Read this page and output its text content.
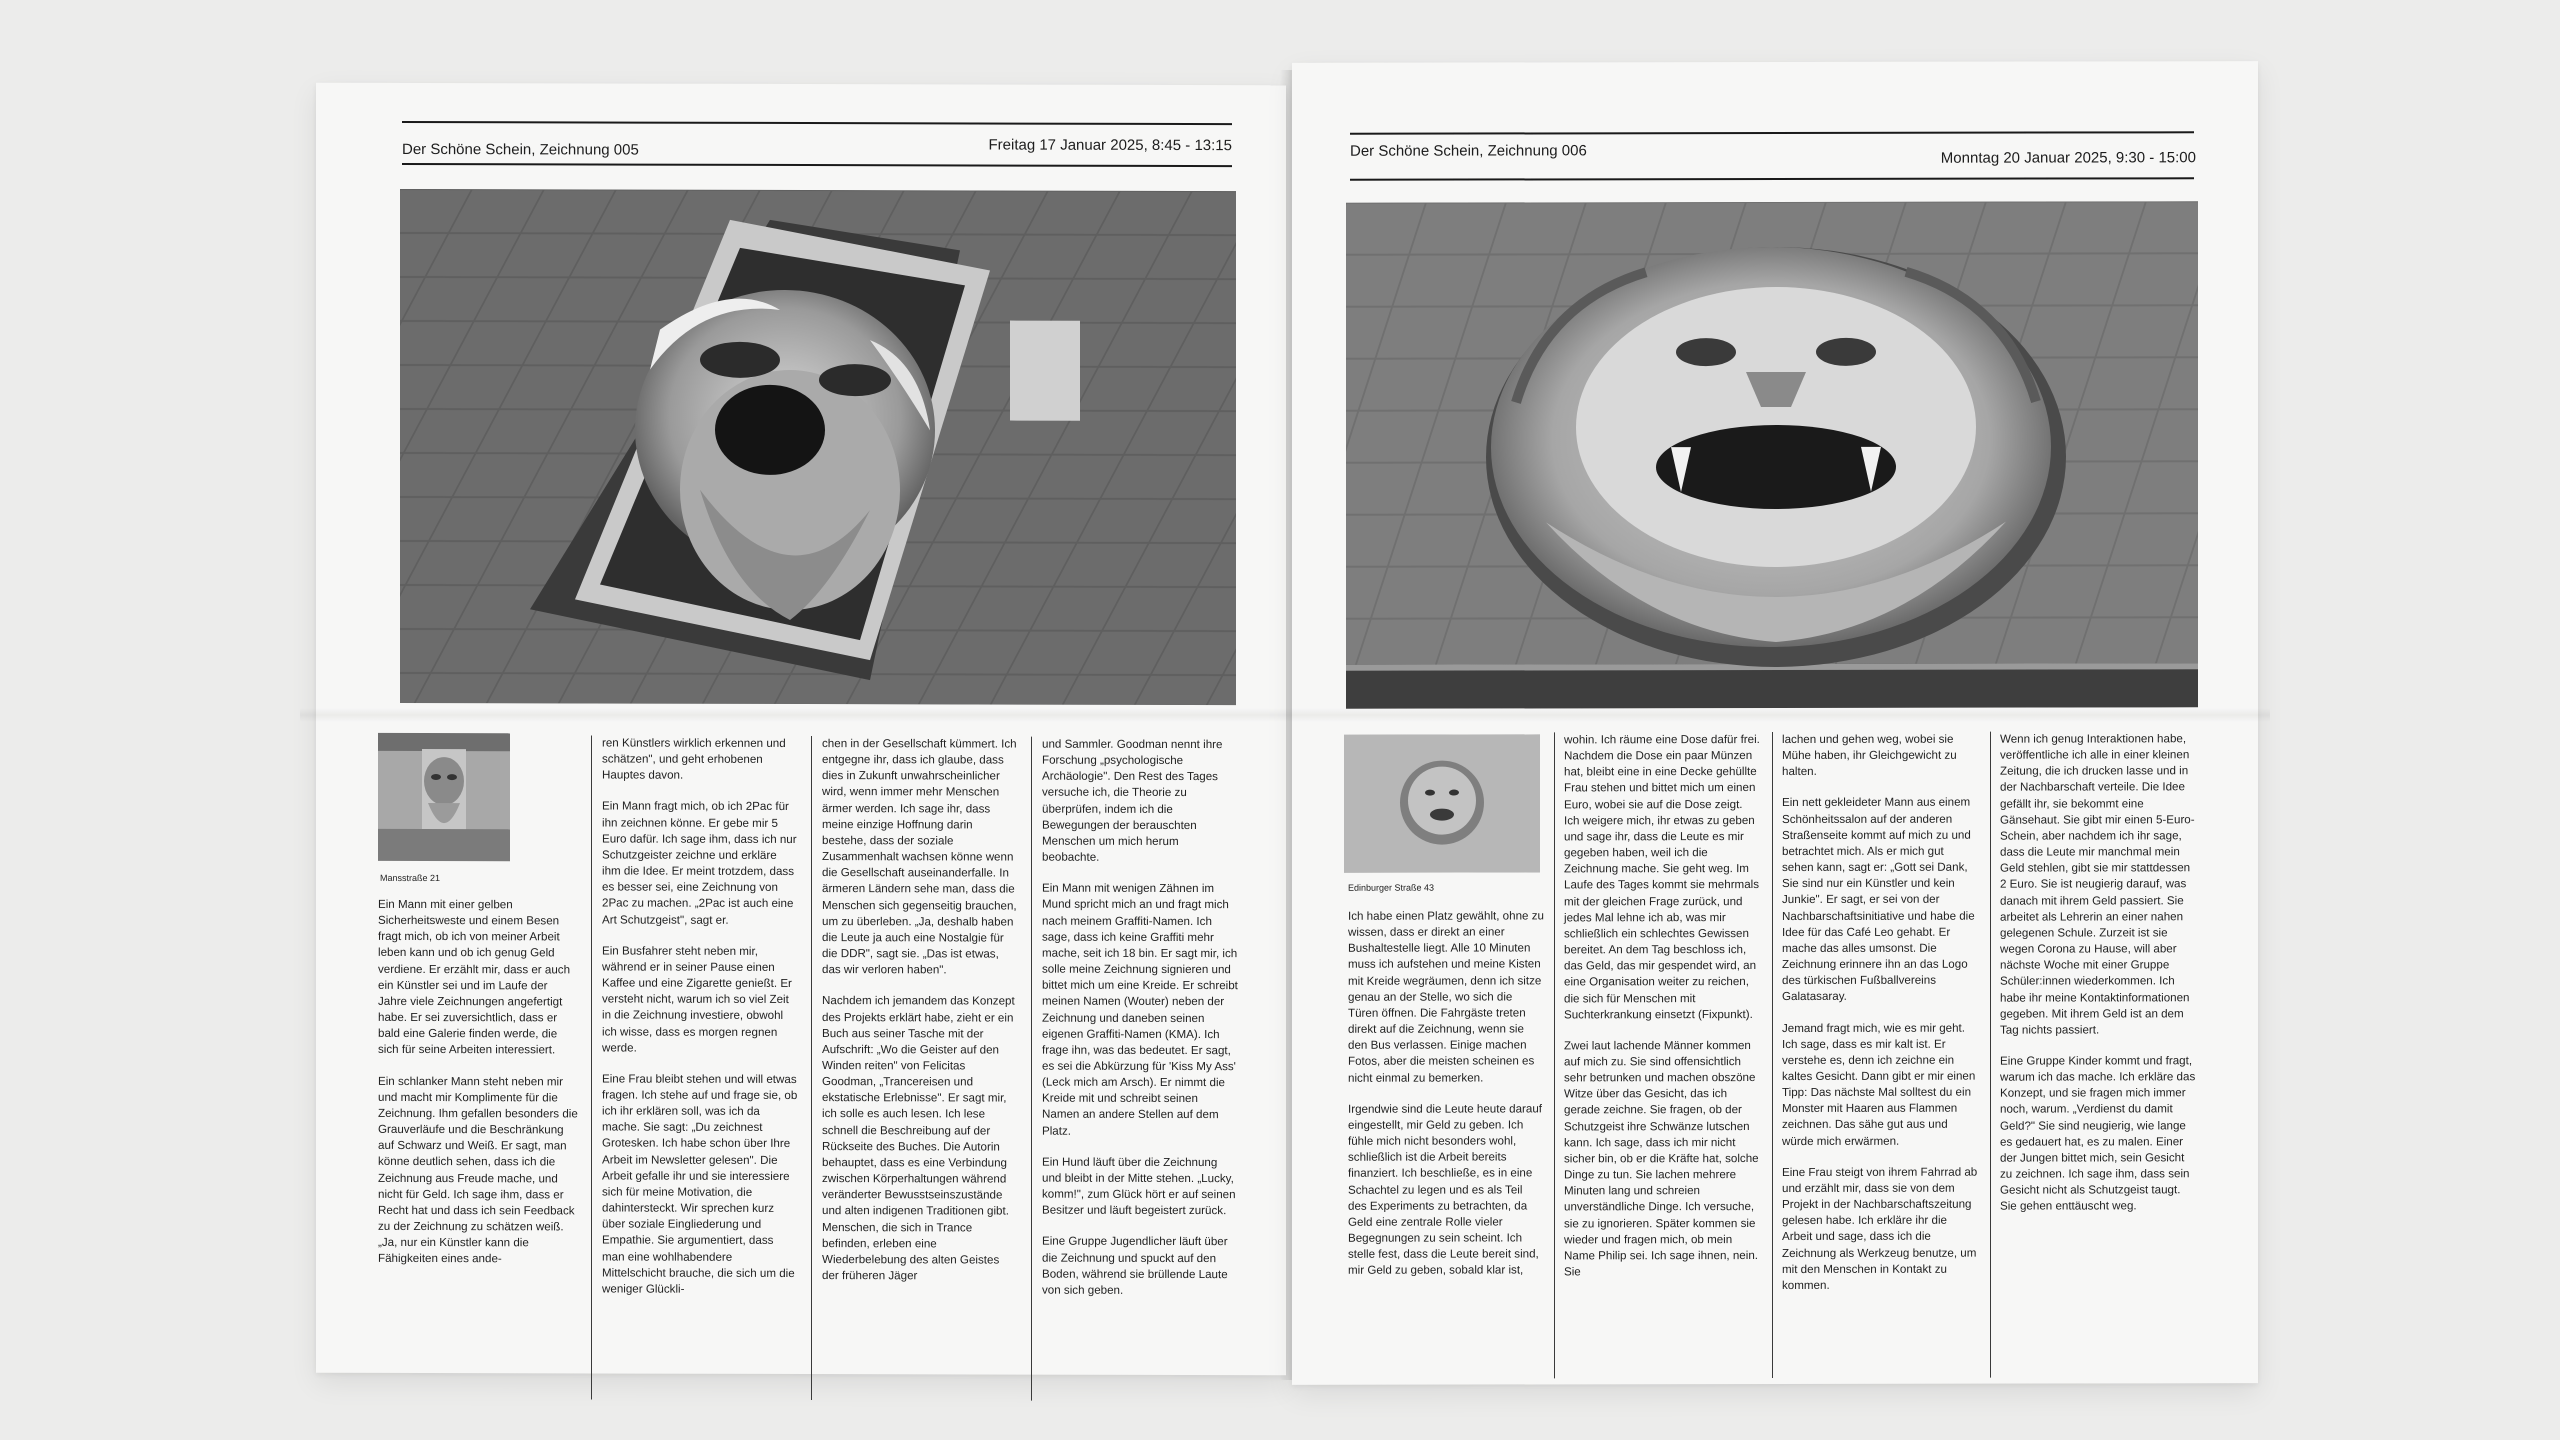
Der Schöne Schein, Zeichnung 005	Freitag 17 Januar 2025, 8:45 - 13:15
Mansstraße 21

Ein Mann mit einer gelben Sicherheitsweste und einem Besen fragt mich, ob ich von meiner Arbeit leben kann und ob ich genug Geld verdiene. Er erzählt mir, dass er auch ein Künstler sei und im Laufe der Jahre viele Zeichnungen angefertigt habe. Er sei zuversichtlich, dass er bald eine Galerie finden werde, die sich für seine Arbeiten interessiert.

Ein schlanker Mann steht neben mir und macht mir Komplimente für die Zeichnung. Ihm gefallen besonders die Grauverläufe und die Beschränkung auf Schwarz und Weiß. Er sagt, man könne deutlich sehen, dass ich die Zeichnung aus Freude mache, und nicht für Geld. Ich sage ihm, dass er Recht hat und dass ich sein Feedback zu der Zeichnung zu schätzen weiß. „Ja, nur ein Künstler kann die Fähigkeiten eines ande-

ren Künstlers wirklich erkennen und schätzen", und geht erhobenen Hauptes davon.

Ein Mann fragt mich, ob ich 2Pac für ihn zeichnen könne. Er gebe mir 5 Euro dafür. Ich sage ihm, dass ich nur Schutzgeister zeichne und erkläre ihm die Idee. Er meint trotzdem, dass es besser sei, eine Zeichnung von 2Pac zu machen. „2Pac ist auch eine Art Schutzgeist", sagt er.

Ein Busfahrer steht neben mir, während er in seiner Pause einen Kaffee und eine Zigarette genießt. Er versteht nicht, warum ich so viel Zeit in die Zeichnung investiere, obwohl ich wisse, dass es morgen regnen werde.

Eine Frau bleibt stehen und will etwas fragen. Ich stehe auf und frage sie, ob ich ihr erklären soll, was ich da mache. Sie sagt: „Du zeichnest Grotesken. Ich habe schon über Ihre Arbeit im Newsletter gelesen". Die Arbeit gefalle ihr und sie interessiere sich für meine Motivation, die dahintersteckt. Wir sprechen kurz über soziale Eingliederung und Empathie. Sie argumentiert, dass man eine wohlhabendere Mittelschicht brauche, die sich um die weniger Glückli-

chen in der Gesellschaft kümmert. Ich entgegne ihr, dass ich glaube, dass dies in Zukunft unwahrscheinlicher wird, wenn immer mehr Menschen ärmer werden. Ich sage ihr, dass meine einzige Hoffnung darin bestehe, dass der soziale Zusammenhalt wachsen könne wenn die Gesellschaft auseinanderfalle. In ärmeren Ländern sehe man, dass die Menschen sich gegenseitig brauchen, um zu überleben. „Ja, deshalb haben die Leute ja auch eine Nostalgie für die DDR", sagt sie. „Das ist etwas, das wir verloren haben".

Nachdem ich jemandem das Konzept des Projekts erklärt habe, zieht er ein Buch aus seiner Tasche mit der Aufschrift: „Wo die Geister auf den Winden reiten" von Felicitas Goodman, „Trancereisen und ekstatische Erlebnisse". Er sagt mir, ich solle es auch lesen. Ich lese schnell die Beschreibung auf der Rückseite des Buches. Die Autorin behauptet, dass es eine Verbindung zwischen Körperhaltungen während veränderter Bewusstseinszustände und alten indigenen Traditionen gibt. Menschen, die sich in Trance befinden, erleben eine Wiederbelebung des alten Geistes der früheren Jäger

und Sammler. Goodman nennt ihre Forschung „psychologische Archäologie". Den Rest des Tages versuche ich, die Theorie zu überprüfen, indem ich die Bewegungen der berauschten Menschen um mich herum beobachte.

Ein Mann mit wenigen Zähnen im Mund spricht mich an und fragt mich nach meinem Graffiti-Namen. Ich sage, dass ich keine Graffiti mehr mache, seit ich 18 bin. Er sagt mir, ich solle meine Zeichnung signieren und bittet mich um eine Kreide. Er schreibt meinen Namen (Wouter) neben der Zeichnung und daneben seinen eigenen Graffiti-Namen (KMA). Ich frage ihn, was das bedeutet. Er sagt, es sei die Abkürzung für 'Kiss My Ass' (Leck mich am Arsch). Er nimmt die Kreide mit und schreibt seinen Namen an andere Stellen auf dem Platz.

Ein Hund läuft über die Zeichnung und bleibt in der Mitte stehen. „Lucky, komm!", zum Glück hört er auf seinen Besitzer und läuft begeistert zurück.

Eine Gruppe Jugendlicher läuft über die Zeichnung und spuckt auf den Boden, während sie brüllende Laute von sich geben.

Der Schöne Schein, Zeichnung 006	Monntag 20 Januar 2025, 9:30 - 15:00
Edinburger Straße 43

Ich habe einen Platz gewählt, ohne zu wissen, dass er direkt an einer Bushaltestelle liegt. Alle 10 Minuten muss ich aufstehen und meine Kisten mit Kreide wegräumen, denn ich sitze genau an der Stelle, wo sich die Türen öffnen. Die Fahrgäste treten direkt auf die Zeichnung, wenn sie den Bus verlassen. Einige machen Fotos, aber die meisten scheinen es nicht einmal zu bemerken.

Irgendwie sind die Leute heute darauf eingestellt, mir Geld zu geben. Ich fühle mich nicht besonders wohl, schließlich ist die Arbeit bereits finanziert. Ich beschließe, es in eine Schachtel zu legen und es als Teil des Experiments zu betrachten, da Geld eine zentrale Rolle vieler Begegnungen zu sein scheint. Ich stelle fest, dass die Leute bereit sind, mir Geld zu geben, sobald klar ist,

wohin. Ich räume eine Dose dafür frei. Nachdem die Dose ein paar Münzen hat, bleibt eine in eine Decke gehüllte Frau stehen und bittet mich um einen Euro, wobei sie auf die Dose zeigt. Ich weigere mich, ihr etwas zu geben und sage ihr, dass die Leute es mir gegeben haben, weil ich die Zeichnung mache. Sie geht weg. Im Laufe des Tages kommt sie mehrmals mit der gleichen Frage zurück, und jedes Mal lehne ich ab, was mir schließlich ein schlechtes Gewissen bereitet. An dem Tag beschloss ich, das Geld, das mir gespendet wird, an eine Organisation weiter zu reichen, die sich für Menschen mit Suchterkrankung einsetzt (Fixpunkt).

Zwei laut lachende Männer kommen auf mich zu. Sie sind offensichtlich sehr betrunken und machen obszöne Witze über das Gesicht, das ich gerade zeichne. Sie fragen, ob der Schutzgeist ihre Schwänze lutschen kann. Ich sage, dass ich mir nicht sicher bin, ob er die Kräfte hat, solche Dinge zu tun. Sie lachen mehrere Minuten lang und schreien unverständliche Dinge. Ich versuche, sie zu ignorieren. Später kommen sie wieder und fragen mich, ob mein Name Philip sei. Ich sage ihnen, nein. Sie

lachen und gehen weg, wobei sie Mühe haben, ihr Gleichgewicht zu halten.

Ein nett gekleideter Mann aus einem Schönheitssalon auf der anderen Straßenseite kommt auf mich zu und betrachtet mich. Als er mich gut sehen kann, sagt er: „Gott sei Dank, Sie sind nur ein Künstler und kein Junkie". Er sagt, er sei von der Nachbarschaftsinitiative und habe die Idee für das Café Leo gehabt. Er mache das alles umsonst. Die Zeichnung erinnere ihn an das Logo des türkischen Fußballvereins Galatasaray.

Jemand fragt mich, wie es mir geht. Ich sage, dass es mir kalt ist. Er verstehe es, denn ich zeichne ein kaltes Gesicht. Dann gibt er mir einen Tipp: Das nächste Mal solltest du ein Monster mit Haaren aus Flammen zeichnen. Das sähe gut aus und würde mich erwärmen.

Eine Frau steigt von ihrem Fahrrad ab und erzählt mir, dass sie von dem Projekt in der Nachbarschaftszeitung gelesen habe. Ich erkläre ihr die Arbeit und sage, dass ich die Zeichnung als Werkzeug benutze, um mit den Menschen in Kontakt zu kommen.

Wenn ich genug Interaktionen habe, veröffentliche ich alle in einer kleinen Zeitung, die ich drucken lasse und in der Nachbarschaft verteile. Die Idee gefällt ihr, sie bekommt eine Gänsehaut. Sie gibt mir einen 5-Euro-Schein, aber nachdem ich ihr sage, dass die Leute mir manchmal mein Geld stehlen, gibt sie mir stattdessen 2 Euro. Sie ist neugierig darauf, was danach mit ihrem Geld passiert. Sie arbeitet als Lehrerin an einer nahen gelegenen Schule. Zurzeit ist sie wegen Corona zu Hause, will aber nächste Woche mit einer Gruppe Schüler:innen wiederkommen. Ich habe ihr meine Kontaktinformationen gegeben. Mit ihrem Geld ist an dem Tag nichts passiert.

Eine Gruppe Kinder kommt und fragt, warum ich das mache. Ich erkläre das Konzept, und sie fragen mich immer noch, warum. „Verdienst du damit Geld?" Sie sind neugierig, wie lange es gedauert hat, es zu malen. Einer der Jungen bittet mich, sein Gesicht zu zeichnen. Ich sage ihm, dass sein Gesicht nicht als Schutzgeist taugt. Sie gehen enttäuscht weg.
